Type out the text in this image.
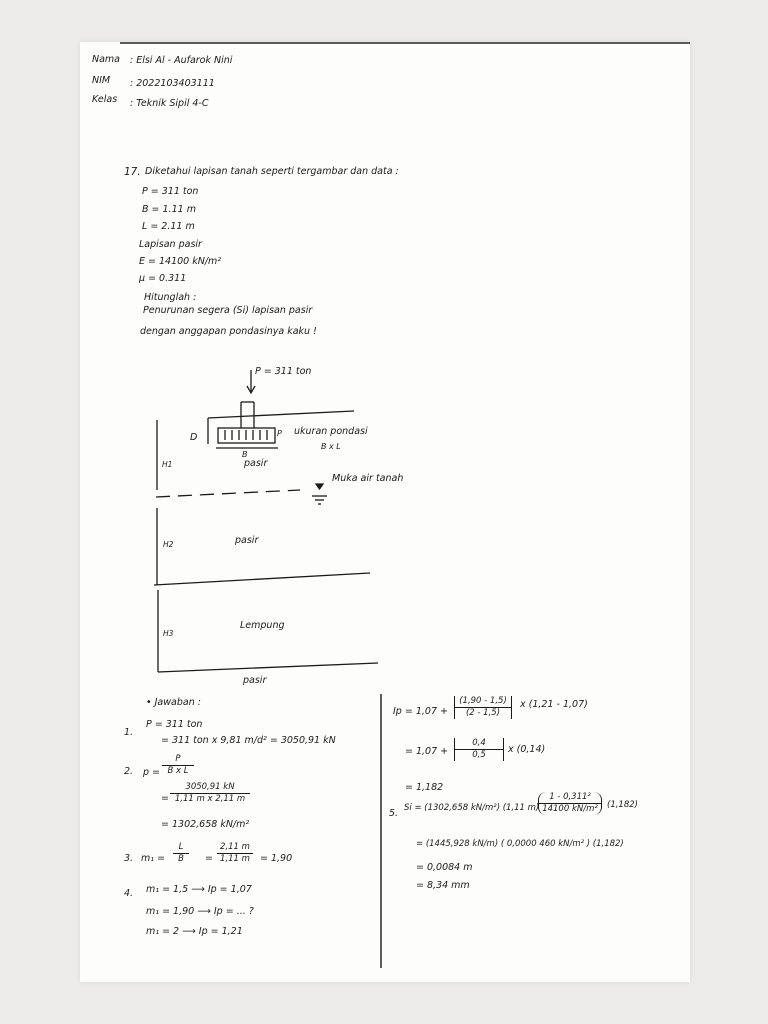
Nama : Elsi Al - Aufarok Nini
NIM : 2022103403111
Kelas : Teknik Sipil 4-C
17. Diketahui lapisan tanah seperti tergambar dan data :
P = 311 ton
B = 1.11 m
L = 2.11 m
Lapisan pasir
E = 14100 kN/m²
μ = 0.311
Hitunglah :
Penurunan segera (Si) lapisan pasir
dengan anggapan pondasinya kaku !
P = 311 ton
D	P
B
ukuran pondasi
B x L
H1	pasir
Muka air tanah
H2	pasir
H3
Lempung
pasir
• Jawaban :
1.
P = 311 ton
= 311 ton x 9,81 m/d² = 3050,91 kN
2. $p = \frac{P}{\text{B x L}}$
= $\frac{3050,91 kN}{\text{1,11 m x 2,11 m}}$
= 1302,658 kN/m²
3. $m_1 = \frac{L}{B} = \frac{2,11 m}{1,11 m} = 1,90$
4. m₁ = 1,5 ⟶ Ip = 1,07
m₁ = 1,90 ⟶ Ip = ... ?
m₁ = 2 ⟶ Ip = 1,21
$Ip = 1,07 + \frac{(1,90 - 1,5)}{(2 - 1,5)}$ x (1,21 - 1,07)
= $1,07 + \frac{0,4}{0,5}$ x (0,14)
= 1,182
5. Si = (1302,658 kN/m²) (1,11 m)
$\frac{\text{1 - 0,311²}}{\text{14100 kN/m²}} (1,182)$
= (1445,928 kN/m) ( 0,0000 460 kN/m² ) (1,182)
= 0,0084 m
= 8,34 mm
